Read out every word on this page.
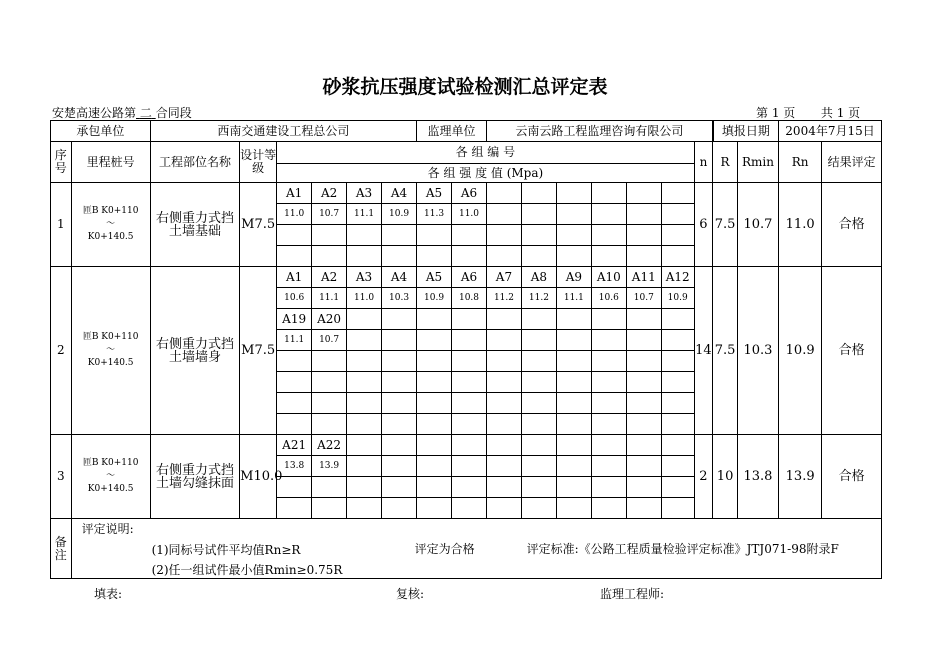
砂浆抗压强度试验检测汇总评定表
安楚高速公路第 二 合同段	第 1 页 共 1 页
承包单位		西南交通建设工程总公司						监理单位		云南云路工程监理咨询有限公司							填报日期		2004年7月15日	
序号	里程桩号	工程部位名称	设计等级	各 组 编 号												n	R	Rmin	Rn	结果评定
				各 组 强 度 值 (Mpa)																
1	匝B K0+110
～
K0+140.5	右侧重力式挡土墙基础	M7.5	A1	A2	A3	A4	A5	A6							6	7.5	10.7	11.0	合格
				11.0	10.7	11.1	10.9	11.3	11.0											

2	匝B K0+110
～
K0+140.5	右侧重力式挡土墙墙身	M7.5	A1	A2	A3	A4	A5	A6	A7	A8	A9	A10	A11	A12	14	7.5	10.3	10.9	合格
				10.6	11.1	11.0	10.3	10.9	10.8	11.2	11.2	11.1	10.6	10.7	10.9					
				A19	A20															
				11.1	10.7															

3	匝B K0+110
～
K0+140.5	右侧重力式挡土墙勾缝抹面	M10.0	A21	A22											2	10	13.8	13.9	合格
				13.8	13.9															

备注	评定说明:
(1)同标号试件平均值Rn≥R
(2)任一组试件最小值Rmin≥0.75R
评定为合格 评定标准:《公路工程质量检验评定标准》JTJ071-98附录F																			
填表:	复核:	监理工程师:
